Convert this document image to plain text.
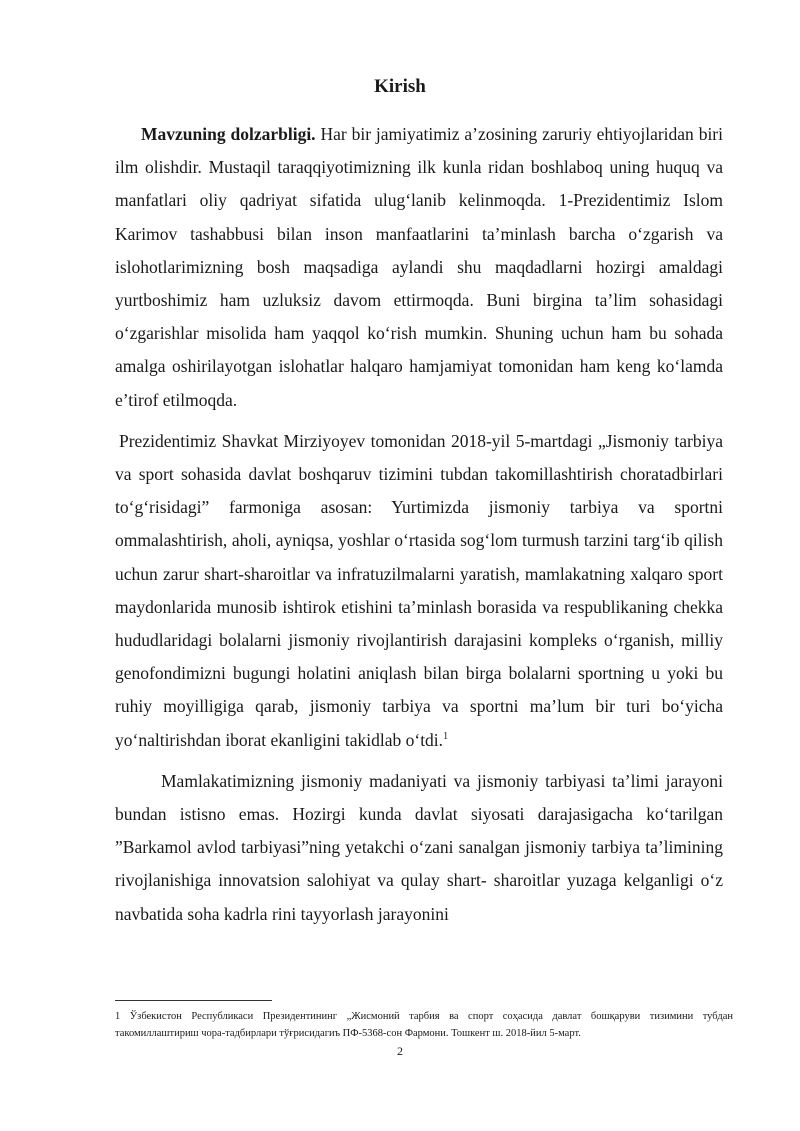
Kirish

Mavzuning dolzarbligi. Har bir jamiyatimiz a’zosining zaruriy ehtiyojlaridan biri ilm olishdir. Mustaqil taraqqiyotimizning ilk kunla ridan boshlaboq uning huquq va manfatlari oliy qadriyat sifatida ulug‘lanib kelinmoqda. 1-Prezidentimiz Islom Karimov tashabbusi bilan inson manfaatlarini ta’minlash barcha o‘zgarish va islohotlarimizning bosh maqsadiga aylandi shu maqdadlarni hozirgi amaldagi yurtboshimiz ham uzluksiz davom ettirmoqda. Buni birgina ta’lim sohasidagi o‘zgarishlar misolida ham yaqqol ko‘rish mumkin. Shuning uchun ham bu sohada amalga oshirilayotgan islohatlar halqaro hamjamiyat tomonidan ham keng ko‘lamda e’tirof etilmoqda.

Prezidentimiz Shavkat Mirziyoyev tomonidan 2018-yil 5-martdagi „Jismoniy tarbiya va sport sohasida davlat boshqaruv tizimini tubdan takomillashtirish choratadbirlari to‘g‘risidagi” farmoniga asosan: Yurtimizda jismoniy tarbiya va sportni ommalashtirish, aholi, ayniqsa, yoshlar o‘rtasida sog‘lom turmush tarzini targ‘ib qilish uchun zarur shart-sharoitlar va infratuzilmalarni yaratish, mamlakatning xalqaro sport maydonlarida munosib ishtirok etishini ta’minlash borasida va respublikaning chekka hududlaridagi bolalarni jismoniy rivojlantirish darajasini kompleks o‘rganish, milliy genofondimizni bugungi holatini aniqlash bilan birga bolalarni sportning u yoki bu ruhiy moyilligiga qarab, jismoniy tarbiya va sportni ma’lum bir turi bo‘yicha yo‘naltirishdan iborat ekanligini takidlab o‘tdi.$^1$

Mamlakatimizning jismoniy madaniyati va jismoniy tarbiyasi ta’limi jarayoni bundan istisno emas. Hozirgi kunda davlat siyosati darajasigacha ko‘tarilgan ”Barkamol avlod tarbiyasi”ning yetakchi o‘zani sanalgan jismoniy tarbiya ta’limining rivojlanishiga innovatsion salohiyat va qulay shart- sharoitlar yuzaga kelganligi o‘z navbatida soha kadrla rini tayyorlash jarayonini

1 Ўзбекистон Республикаси Президентининг „Жисмоний тарбия ва спорт соҳасида давлат бошқаруви тизимини тубдан такомиллаштириш чора-тадбирлари тўғрисидагиъ ПФ-5368-сон Фармони. Тошкент ш. 2018-йил 5-март.
2
